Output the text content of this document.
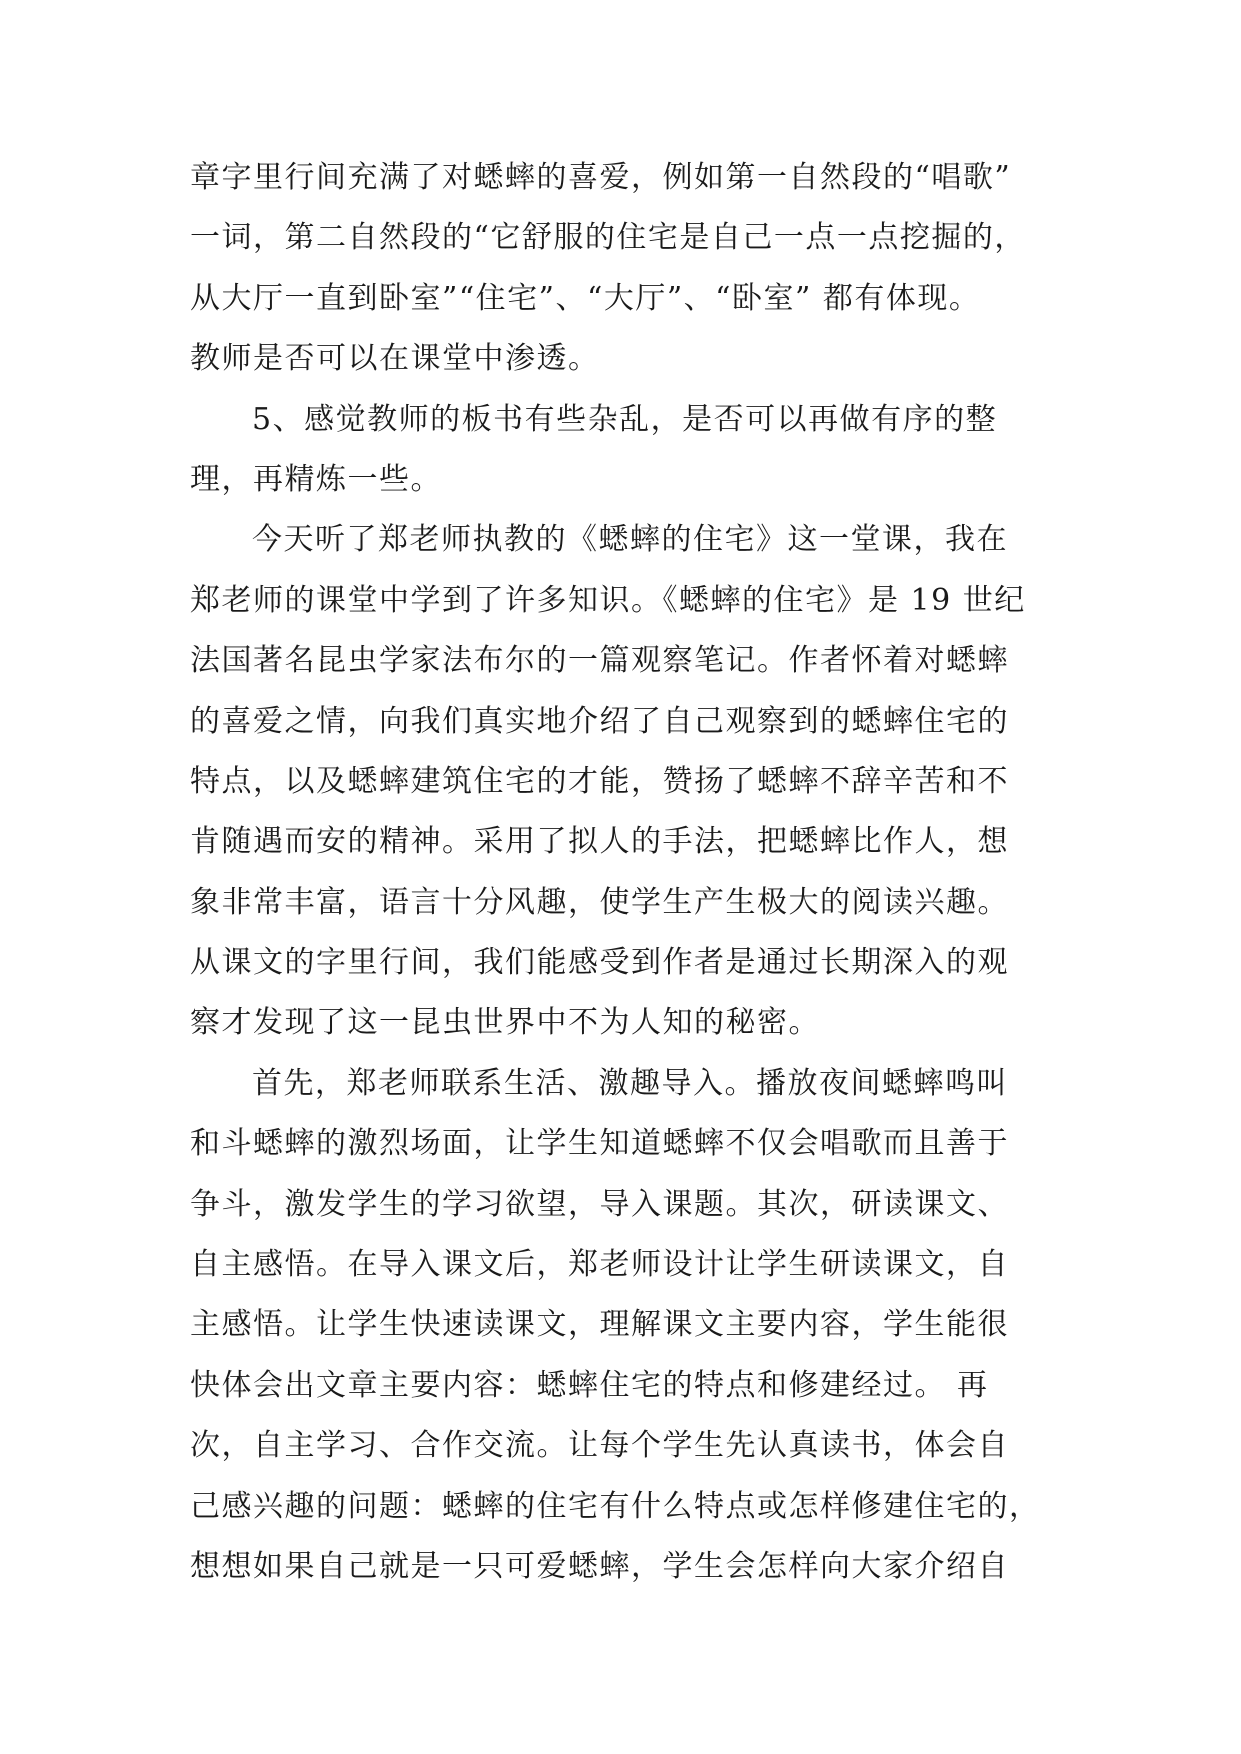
章字里行间充满了对蟋蟀的喜爱，例如第一自然段的“唱歌”
一词，第二自然段的“它舒服的住宅是自己一点一点挖掘的，
从大厅一直到卧室”“住宅”、“大厅”、“卧室” 都有体现。
教师是否可以在课堂中渗透。
5、感觉教师的板书有些杂乱，是否可以再做有序的整
理，再精炼一些。
今天听了郑老师执教的《蟋蟀的住宅》这一堂课，我在
郑老师的课堂中学到了许多知识。《蟋蟀的住宅》是 19 世纪
法国著名昆虫学家法布尔的一篇观察笔记。作者怀着对蟋蟀
的喜爱之情，向我们真实地介绍了自己观察到的蟋蟀住宅的
特点，以及蟋蟀建筑住宅的才能，赞扬了蟋蟀不辞辛苦和不
肯随遇而安的精神。采用了拟人的手法，把蟋蟀比作人，想
象非常丰富，语言十分风趣，使学生产生极大的阅读兴趣。
从课文的字里行间，我们能感受到作者是通过长期深入的观
察才发现了这一昆虫世界中不为人知的秘密。
首先，郑老师联系生活、激趣导入。播放夜间蟋蟀鸣叫
和斗蟋蟀的激烈场面，让学生知道蟋蟀不仅会唱歌而且善于
争斗，激发学生的学习欲望，导入课题。其次，研读课文、
自主感悟。在导入课文后，郑老师设计让学生研读课文，自
主感悟。让学生快速读课文，理解课文主要内容，学生能很
快体会出文章主要内容：蟋蟀住宅的特点和修建经过。 再
次，自主学习、合作交流。让每个学生先认真读书，体会自
己感兴趣的问题：蟋蟀的住宅有什么特点或怎样修建住宅的，
想想如果自己就是一只可爱蟋蟀，学生会怎样向大家介绍自
